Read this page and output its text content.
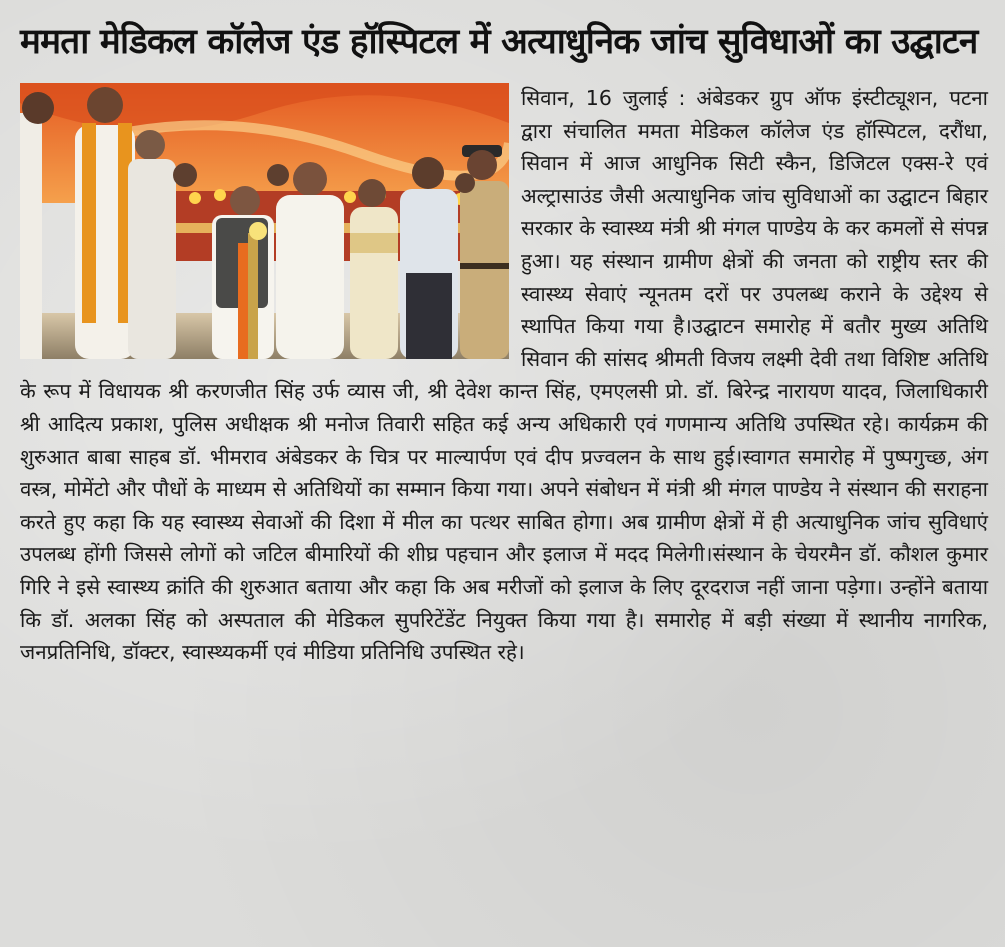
ममता मेडिकल कॉलेज एंड हॉस्पिटल में अत्याधुनिक जांच सुविधाओं का उद्घाटन

सिवान, 16 जुलाई : अंबेडकर ग्रुप ऑफ इंस्टीट्यूशन, पटना द्वारा संचालित ममता मेडिकल कॉलेज एंड हॉस्पिटल, दरौंधा, सिवान में आज आधुनिक सिटी स्कैन, डिजिटल एक्स-रे एवं अल्ट्रासाउंड जैसी अत्याधुनिक जांच सुविधाओं का उद्घाटन बिहार सरकार के स्वास्थ्य मंत्री श्री मंगल पाण्डेय के कर कमलों से संपन्न हुआ। यह संस्थान ग्रामीण क्षेत्रों की जनता को राष्ट्रीय स्तर की स्वास्थ्य सेवाएं न्यूनतम दरों पर उपलब्ध कराने के उद्देश्य से स्थापित किया गया है।उद्घाटन समारोह में बतौर मुख्य अतिथि सिवान की सांसद श्रीमती विजय लक्ष्मी देवी तथा विशिष्ट अतिथि के रूप में विधायक श्री करणजीत सिंह उर्फ व्यास जी, श्री देवेश कान्त सिंह, एमएलसी प्रो. डॉ. बिरेन्द्र नारायण यादव, जिलाधिकारी श्री आदित्य प्रकाश, पुलिस अधीक्षक श्री मनोज तिवारी सहित कई अन्य अधिकारी एवं गणमान्य अतिथि उपस्थित रहे। कार्यक्रम की शुरुआत बाबा साहब डॉ. भीमराव अंबेडकर के चित्र पर माल्यार्पण एवं दीप प्रज्वलन के साथ हुई।स्वागत समारोह में पुष्पगुच्छ, अंग वस्त्र, मोमेंटो और पौधों के माध्यम से अतिथियों का सम्मान किया गया। अपने संबोधन में मंत्री श्री मंगल पाण्डेय ने संस्थान की सराहना करते हुए कहा कि यह स्वास्थ्य सेवाओं की दिशा में मील का पत्थर साबित होगा। अब ग्रामीण क्षेत्रों में ही अत्याधुनिक जांच सुविधाएं उपलब्ध होंगी जिससे लोगों को जटिल बीमारियों की शीघ्र पहचान और इलाज में मदद मिलेगी।संस्थान के चेयरमैन डॉ. कौशल कुमार गिरि ने इसे स्वास्थ्य क्रांति की शुरुआत बताया और कहा कि अब मरीजों को इलाज के लिए दूरदराज नहीं जाना पड़ेगा। उन्होंने बताया कि डॉ. अलका सिंह को अस्पताल की मेडिकल सुपरिटेंडेंट नियुक्त किया गया है। समारोह में बड़ी संख्या में स्थानीय नागरिक, जनप्रतिनिधि, डॉक्टर, स्वास्थ्यकर्मी एवं मीडिया प्रतिनिधि उपस्थित रहे।
